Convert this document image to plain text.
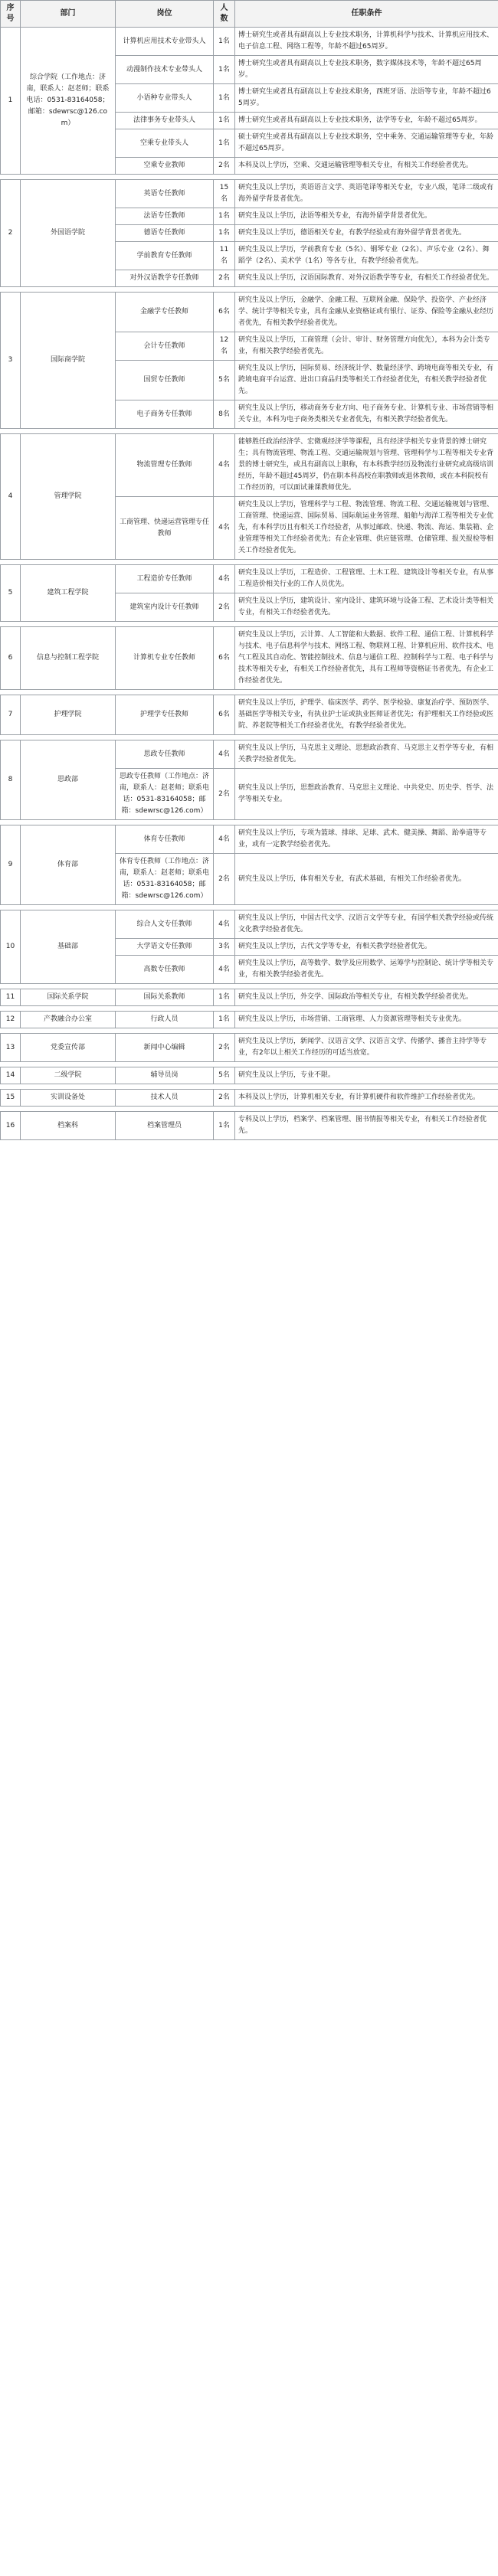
序号	部门	岗位	人数	任职条件
1	综合学院（工作地点：济南，联系人：赵老师；联系电话：0531-83164058；邮箱：sdewrsc@126.com）	计算机应用技术专业带头人	1名	博士研究生或者具有副高以上专业技术职务，计算机科学与技术、计算机应用技术、电子信息工程、网络工程等，年龄不超过65周岁。
		动漫制作技术专业带头人	1名	博士研究生或者具有副高以上专业技术职务，数字媒体技术等，年龄不超过65周岁。
		小语种专业带头人	1名	博士研究生或者具有副高以上专业技术职务，西班牙语、法语等专业，年龄不超过65周岁。
		法律事务专业带头人	1名	博士研究生或者具有副高以上专业技术职务，法学等专业，年龄不超过65周岁。
		空乘专业带头人	1名	硕士研究生或者具有副高以上专业技术职务，空中乘务、交通运输管理等专业，年龄不超过65周岁。
		空乘专业教师	2名	本科及以上学历，空乘、交通运输管理等相关专业，有相关工作经验者优先。

2	外国语学院	英语专任教师	15名	研究生及以上学历，英语语言文学、英语笔译等相关专业，专业八级，笔译二级或有海外留学背景者优先。
		法语专任教师	1名	研究生及以上学历，法语等相关专业，有海外留学背景者优先。
		德语专任教师	1名	研究生及以上学历，德语相关专业，有教学经验或有海外留学背景者优先。
		学前教育专任教师	11名	研究生及以上学历，学前教育专业（5名）、钢琴专业（2名）、声乐专业（2名）、舞蹈学（2名）、美术学（1名）等各专业，有教学经验者优先。
		对外汉语教学专任教师	2名	研究生及以上学历，汉语国际教育、对外汉语教学等专业，有相关工作经验者优先。

3	国际商学院	金融学专任教师	6名	研究生及以上学历，金融学、金融工程、互联网金融、保险学、投资学、产业经济学、统计学等相关专业，具有金融从业资格证或有银行、证券、保险等金融从业经历者优先，有相关教学经验者优先。
		会计专任教师	12名	研究生及以上学历，工商管理（会计、审计、财务管理方向优先），本科为会计类专业，有相关教学经验者优先。
		国贸专任教师	5名	研究生及以上学历，国际贸易、经济统计学、数量经济学、跨境电商等相关专业，有跨境电商平台运营、进出口商品归类等相关工作经验者优先，有相关教学经验者优先。
		电子商务专任教师	8名	研究生及以上学历，移动商务专业方向、电子商务专业、计算机专业、市场营销等相关专业，本科为电子商务类相关专业者优先，有相关教学经验者优先。

4	管理学院	物流管理专任教师	4名	能够胜任政治经济学、宏微观经济学等课程，具有经济学相关专业背景的博士研究生；具有物流管理、物流工程、交通运输规划与管理、管理科学与工程等相关专业背景的博士研究生，或具有副高以上职称，有本科教学经历及物流行业研究或高级培训经历，年龄不超过45周岁，仍在职本科高校在职教师或退休教师，或在本科院校有工作经历的，可以面试兼课教师优先。
		工商管理、快递运营管理专任教师	4名	研究生及以上学历，管理科学与工程、物流管理、物流工程、交通运输规划与管理、工商管理、快递运营、国际贸易、国际航运业务管理、船舶与海洋工程等相关专业优先，有本科学历且有相关工作经验者，从事过邮政、快递、物流、海运、集装箱、企业管理等相关工作经验者优先；有企业管理、供应链管理、仓储管理、报关报检等相关工作经验者优先。

5	建筑工程学院	工程造价专任教师	4名	研究生及以上学历，工程造价、工程管理、土木工程、建筑设计等相关专业，有从事工程造价相关行业的工作人员优先。
		建筑室内设计专任教师	2名	研究生及以上学历，建筑设计、室内设计、建筑环境与设备工程、艺术设计类等相关专业，有相关工作经验者优先。

6	信息与控制工程学院	计算机专业专任教师	6名	研究生及以上学历，云计算、人工智能和大数据、软件工程、通信工程、计算机科学与技术、电子信息科学与技术、网络工程、物联网工程、计算机应用、软件技术、电气工程及其自动化、智能控制技术、信息与通信工程、控制科学与工程、电子科学与技术等相关专业，有相关工作经验者优先，具有工程师等资格证书者优先，有企业工作经验者优先。

7	护理学院	护理学专任教师	6名	研究生及以上学历，护理学、临床医学、药学、医学检验、康复治疗学、预防医学、基础医学等相关专业，有执业护士证或执业医师证者优先；有护理相关工作经验或医院、养老院等相关工作经验者优先，有教学经验者优先。

8	思政部	思政专任教师	4名	研究生及以上学历，马克思主义理论、思想政治教育、马克思主义哲学等专业，有相关教学经验者优先。
		思政专任教师（工作地点：济南，联系人：赵老师；联系电话：0531-83164058；邮箱：sdewrsc@126.com）	2名	研究生及以上学历，思想政治教育、马克思主义理论、中共党史、历史学、哲学、法学等相关专业。

9	体育部	体育专任教师	4名	研究生及以上学历，专项为篮球、排球、足球、武术、健美操、舞蹈、跆拳道等专业，或有一定教学经验者优先。
		体育专任教师（工作地点：济南，联系人：赵老师；联系电话：0531-83164058；邮箱：sdewrsc@126.com）	2名	研究生及以上学历，体育相关专业，有武术基础，有相关工作经验者优先。

10	基础部	综合人文专任教师	4名	研究生及以上学历，中国古代文学、汉语言文学等专业，有国学相关教学经验或传统文化教学经验者优先。
		大学语文专任教师	3名	研究生及以上学历，古代文学等专业，有相关教学经验者优先。
		高数专任教师	4名	研究生及以上学历，高等数学、数学及应用数学、运筹学与控制论、统计学等相关专业，有相关教学经验者优先。

11	国际关系学院	国际关系教师	1名	研究生及以上学历，外交学、国际政治等相关专业，有相关教学经验者优先。

12	产教融合办公室	行政人员	1名	研究生及以上学历，市场营销、工商管理、人力资源管理等相关专业优先。

13	党委宣传部	新闻中心编辑	2名	研究生及以上学历，新闻学、汉语言文学、汉语言文学、传播学、播音主持学等专业，有2年以上相关工作经历的可适当放宽。

14	二级学院	辅导员岗	5名	研究生及以上学历，专业不限。

15	实训设备处	技术人员	2名	本科及以上学历，计算机相关专业，有计算机硬件和软件维护工作经验者优先。

16	档案科	档案管理员	1名	专科及以上学历，档案学、档案管理、图书情报等相关专业，有相关工作经验者优先。
